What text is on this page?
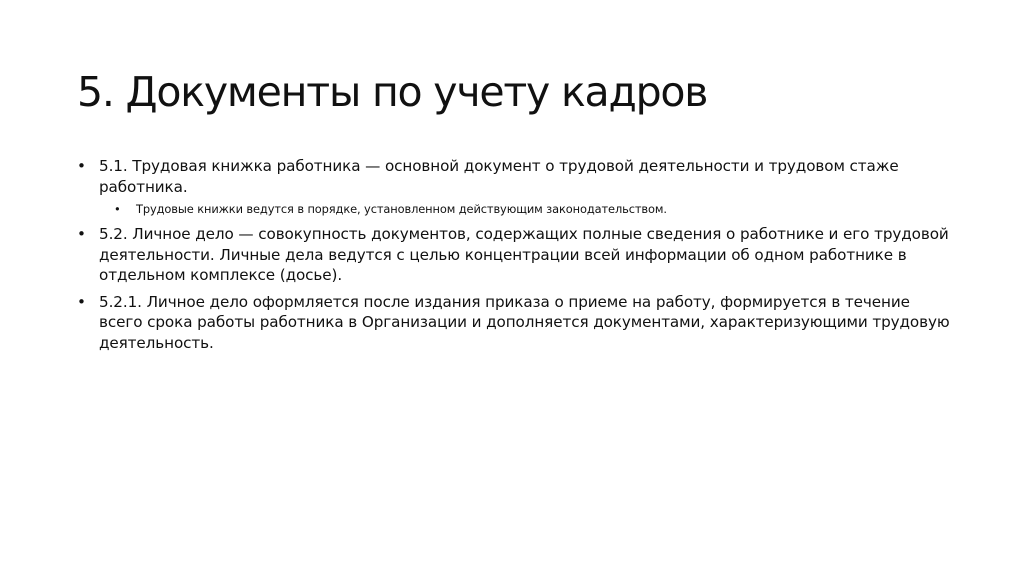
5. Документы по учету кадров
• 5.1. Трудовая книжка работника — основной документ о трудовой деятельности и трудовом стаже работника.
•	Трудовые книжки ведутся в порядке, установленном действующим законодательством.
• 5.2. Личное дело — совокупность документов, содержащих полные сведения о работнике и его трудовой деятельности. Личные дела ведутся с целью концентрации всей информации об одном работнике в отдельном комплексе (досье).
• 5.2.1. Личное дело оформляется после издания приказа о приеме на работу, формируется в течение всего срока работы работника в Организации и дополняется документами, характеризующими трудовую деятельность.
